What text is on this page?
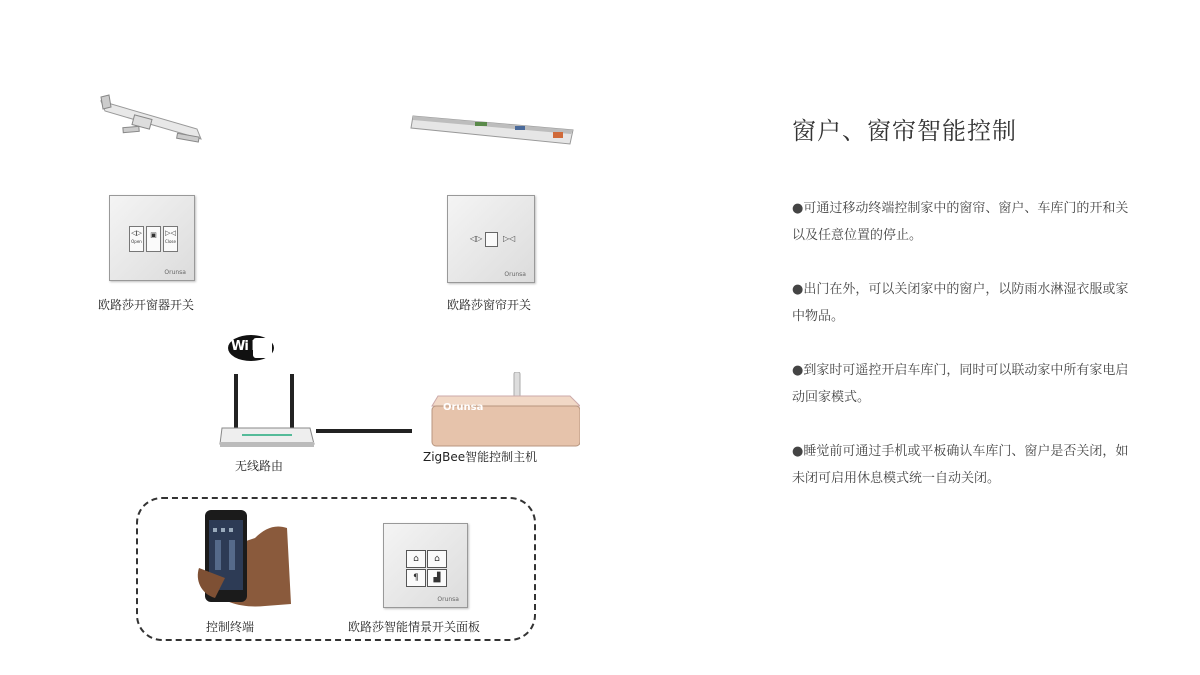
◁▷
Open
▣	▷◁
Close
Orunsa
欧路莎开窗器开关
◁▷	▷◁
Orunsa
欧路莎窗帘开关
Wi Fi
无线路由
Orunsa
ZigBee智能控制主机
控制终端
⌂	⌂
¶	▟
Orunsa
欧路莎智能情景开关面板
窗户、窗帘智能控制
●可通过移动终端控制家中的窗帘、窗户、车库门的开和关以及任意位置的停止。
●出门在外，可以关闭家中的窗户，以防雨水淋湿衣服或家中物品。
●到家时可遥控开启车库门，同时可以联动家中所有家电启动回家模式。
●睡觉前可通过手机或平板确认车库门、窗户是否关闭，如未闭可启用休息模式统一自动关闭。
